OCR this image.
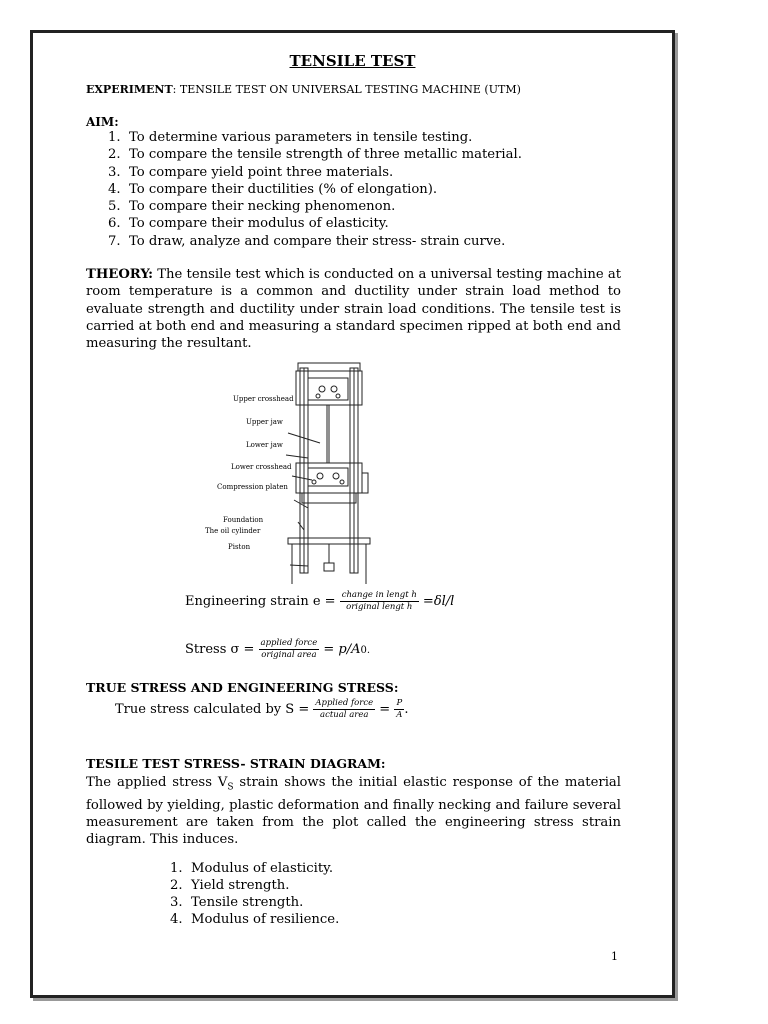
TENSILE TEST
EXPERIMENT: TENSILE TEST ON UNIVERSAL TESTING MACHINE (UTM)
AIM:
1. To determine various parameters in tensile testing.
2. To compare the tensile strength of three metallic material.
3. To compare yield point three materials.
4. To compare their ductilities (% of elongation).
5. To compare their necking phenomenon.
6. To compare their modulus of elasticity.
7. To draw, analyze and compare their stress- strain curve.
THEORY: The tensile test which is conducted on a universal testing machine at room temperature is a common and ductility under strain load method to evaluate strength and ductility under strain load conditions. The tensile test is carried at both end and measuring a standard specimen ripped at both end and measuring the resultant.
Upper crosshead
Upper jaw
Lower jaw
Lower crosshead
Compression platen
Foundation
The oil cylinder
Piston
Engineering strain $e = \frac{\text{change in lengt h}}{\text{original lengt h}} =\delta l/l$
Stress $\sigma = \frac{\text{applied force}}{\text{original area}} = p/A0$.
TRUE STRESS AND ENGINEERING STRESS:
True stress calculated by $S = \frac{\text{Applied force}}{\text{actual area}} = \frac{P}{A}$ .
TESILE TEST STRESS- STRAIN DIAGRAM:
The applied stress $V_S$ strain shows the initial elastic response of the material followed by yielding, plastic deformation and finally necking and failure several measurement are taken from the plot called the engineering stress strain diagram. This induces.
1. Modulus of elasticity.
2. Yield strength.
3. Tensile strength.
4. Modulus of resilience.
1
